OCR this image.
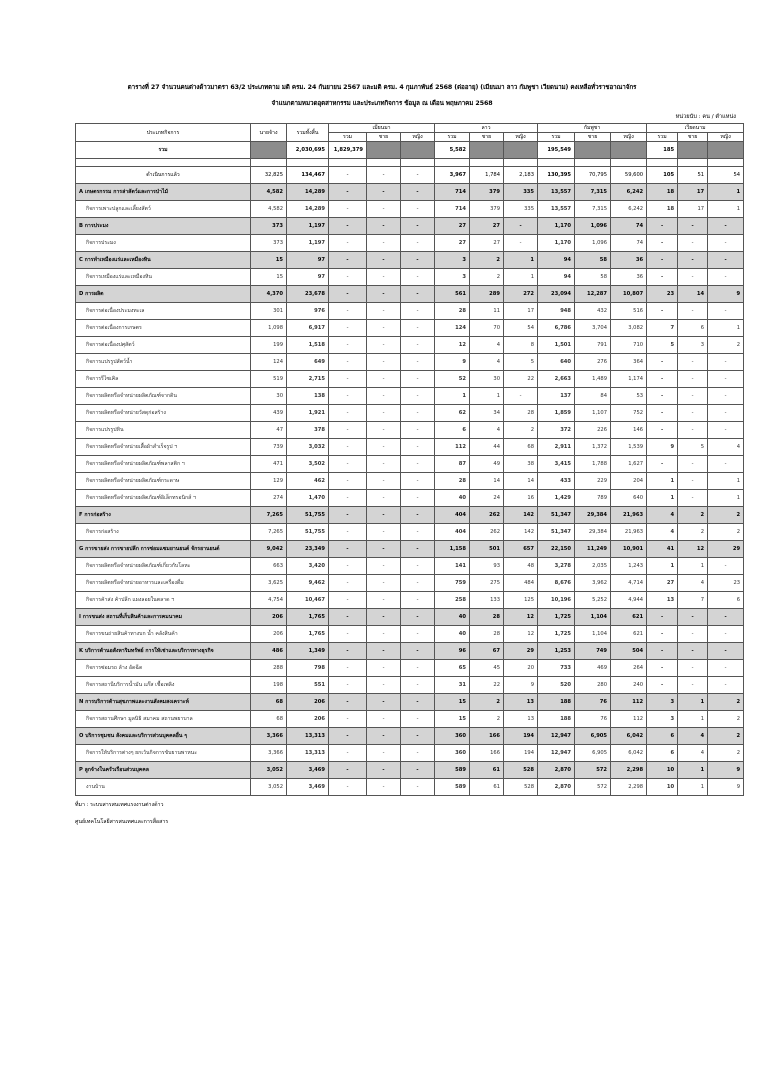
ตารางที่ 27 จำนวนคนต่างด้าวมาตรา 63/2 ประเภทตาม มติ ครม. 24 กันยายน 2567 และมติ ครม. 4 กุมภาพันธ์ 2568 (ต่ออายุ) (เมียนมา ลาว กัมพูชา เวียดนาม) คงเหลือทั่วราชอาณาจักร
จำแนกตามหมวดอุตสาหกรรม และประเภทกิจการ ข้อมูล ณ เดือน พฤษภาคม 2568
หน่วยนับ : คน / ตำแหน่ง
ประเภทกิจการ	นายจ้าง	รวมทั้งสิ้น	เมียนมา			ลาว			กัมพูชา			เวียดนาม		
			รวม	ชาย	หญิง	รวม	ชาย	หญิง	รวม	ชาย	หญิง	รวม	ชาย	หญิง
รวม		2,030,695	1,829,379			5,582			195,549			185		

ดำเนินการแล้ว	32,825	134,467	-	-	-	3,967	1,784	2,183	130,395	70,795	59,600	105	51	54
A เกษตรกรรม การล่าสัตว์และการป่าไม้	4,582	14,289	-	-	-	714	379	335	13,557	7,315	6,242	18	17	1
กิจการเพาะปลูกและเลี้ยงสัตว์	4,582	14,289	-	-	-	714	379	335	13,557	7,315	6,242	18	17	1
B การประมง	373	1,197	-	-	-	27	27	-	1,170	1,096	74	-	-	-
กิจการประมง	373	1,197	-	-	-	27	27	-	1,170	1,096	74	-	-	-
C การทำเหมืองแร่และเหมืองหิน	15	97	-	-	-	3	2	1	94	58	36	-	-	-
กิจการเหมืองแร่และเหมืองหิน	15	97	-	-	-	3	2	1	94	58	36	-	-	-
D การผลิต	4,370	23,678	-	-	-	561	289	272	23,094	12,287	10,807	23	14	9
กิจการต่อเนื่องประมงทะเล	301	976	-	-	-	28	11	17	948	432	516	-	-	-
กิจการต่อเนื่องการเกษตร	1,098	6,917	-	-	-	124	70	54	6,786	3,704	3,082	7	6	1
กิจการต่อเนื่องปศุสัตว์	199	1,518	-	-	-	12	4	8	1,501	791	710	5	3	2
กิจการแปรรูปสัตว์น้ำ	124	649	-	-	-	9	4	5	640	276	364	-	-	-
กิจการรีไซเคิล	519	2,715	-	-	-	52	30	22	2,663	1,489	1,174	-	-	-
กิจการผลิตหรือจำหน่ายผลิตภัณฑ์จากดิน	30	138	-	-	-	1	1	-	137	84	53	-	-	-
กิจการผลิตหรือจำหน่ายวัสดุก่อสร้าง	439	1,921	-	-	-	62	34	28	1,859	1,107	752	-	-	-
กิจการแปรรูปหิน	47	378	-	-	-	6	4	2	372	226	146	-	-	-
กิจการผลิตหรือจำหน่ายเสื้อผ้าสำเร็จรูป ฯ	739	3,032	-	-	-	112	44	68	2,911	1,372	1,539	9	5	4
กิจการผลิตหรือจำหน่ายผลิตภัณฑ์พลาสติก ฯ	471	3,502	-	-	-	87	49	38	3,415	1,788	1,627	-	-	-
กิจการผลิตหรือจำหน่ายผลิตภัณฑ์กระดาษ	129	462	-	-	-	28	14	14	433	229	204	1	-	1
กิจการผลิตหรือจำหน่ายผลิตภัณฑ์อิเล็กทรอนิกส์ ฯ	274	1,470	-	-	-	40	24	16	1,429	789	640	1	-	1
F การก่อสร้าง	7,265	51,755	-	-	-	404	262	142	51,347	29,384	21,963	4	2	2
กิจการก่อสร้าง	7,265	51,755	-	-	-	404	262	142	51,347	29,384	21,963	4	2	2
G การขายส่ง การขายปลีก การซ่อมแซมยานยนต์ จักรยานยนต์	9,042	23,349	-	-	-	1,158	501	657	22,150	11,249	10,901	41	12	29
กิจการผลิตหรือจำหน่ายผลิตภัณฑ์เกี่ยวกับโลหะ	663	3,420	-	-	-	141	93	48	3,278	2,035	1,243	1	1	-
กิจการผลิตหรือจำหน่ายอาหารและเครื่องดื่ม	3,625	9,462	-	-	-	759	275	484	8,676	3,962	4,714	27	4	23
กิจการค้าส่ง ค้าปลีก แผงลอยในตลาด ฯ	4,754	10,467	-	-	-	258	133	125	10,196	5,252	4,944	13	7	6
I การขนส่ง สถานที่เก็บสินค้าและการคมนาคม	206	1,765	-	-	-	40	28	12	1,725	1,104	621	-	-	-
กิจการขนถ่ายสินค้าทางบก น้ำ คลังสินค้า	206	1,765	-	-	-	40	28	12	1,725	1,104	621	-	-	-
K บริการด้านอสังหาริมทรัพย์ การให้เช่าและบริการทางธุรกิจ	486	1,349	-	-	-	96	67	29	1,253	749	504	-	-	-
กิจการซ่อมรถ ล้าง อัดฉีด	288	798	-	-	-	65	45	20	733	469	264	-	-	-
กิจการสถานีบริการน้ำมัน แก๊ส เชื้อเพลิง	198	551	-	-	-	31	22	9	520	280	240	-	-	-
N การบริการด้านสุขภาพและงานสังคมสงเคราะห์	68	206	-	-	-	15	2	13	188	76	112	3	1	2
กิจการสถานศึกษา มูลนิธิ สมาคม สถานพยาบาล	68	206	-	-	-	15	2	13	188	76	112	3	1	2
O บริการชุมชน สังคมและบริการส่วนบุคคลอื่น ๆ	3,366	13,313	-	-	-	360	166	194	12,947	6,905	6,042	6	4	2
กิจการให้บริการต่างๆ ยกเว้นกิจการขับยานพาหนะ	3,366	13,313	-	-	-	360	166	194	12,947	6,905	6,042	6	4	2
P ลูกจ้างในครัวเรือนส่วนบุคคล	3,052	3,469	-	-	-	589	61	528	2,870	572	2,298	10	1	9
งานบ้าน	3,052	3,469	-	-	-	589	61	528	2,870	572	2,298	10	1	9
ที่มา : ระบบสารสนเทศแรงงานต่างด้าว
ศูนย์เทคโนโลยีสารสนเทศและการสื่อสาร
